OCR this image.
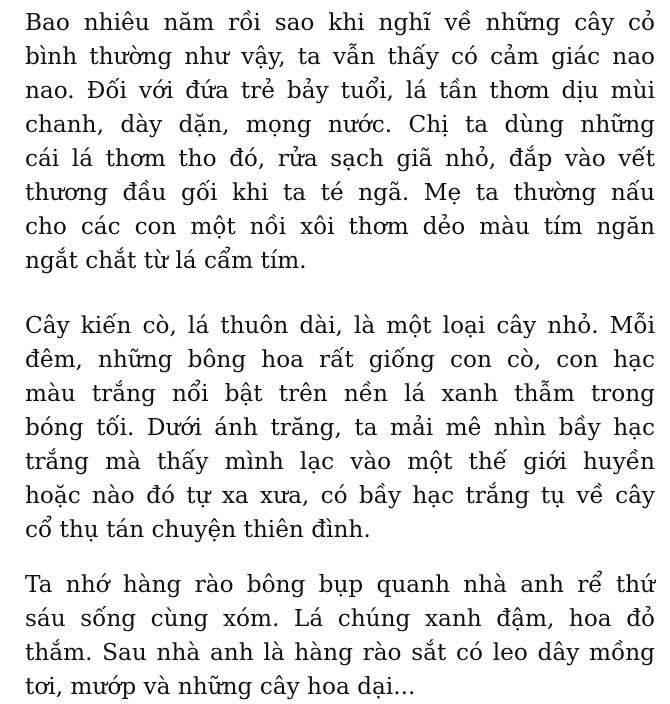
Bao nhiêu năm rồi sao khi nghĩ về những cây cỏ
bình thường như vậy, ta vẫn thấy có cảm giác nao
nao. Đối với đứa trẻ bảy tuổi, lá tần thơm dịu mùi
chanh, dày dặn, mọng nước. Chị ta dùng những
cái lá thơm tho đó, rửa sạch giã nhỏ, đắp vào vết
thương đầu gối khi ta té ngã. Mẹ ta thường nấu
cho các con một nồi xôi thơm dẻo màu tím ngăn
ngắt chắt từ lá cẩm tím.
Cây kiến cò, lá thuôn dài, là một loại cây nhỏ. Mỗi
đêm, những bông hoa rất giống con cò, con hạc
màu trắng nổi bật trên nền lá xanh thẫm trong
bóng tối. Dưới ánh trăng, ta mải mê nhìn bầy hạc
trắng mà thấy mình lạc vào một thế giới huyền
hoặc nào đó tự xa xưa, có bầy hạc trắng tụ về cây
cổ thụ tán chuyện thiên đình.
Ta nhớ hàng rào bông bụp quanh nhà anh rể thứ
sáu sống cùng xóm. Lá chúng xanh đậm, hoa đỏ
thắm. Sau nhà anh là hàng rào sắt có leo dây mồng
tơi, mướp và những cây hoa dại...
